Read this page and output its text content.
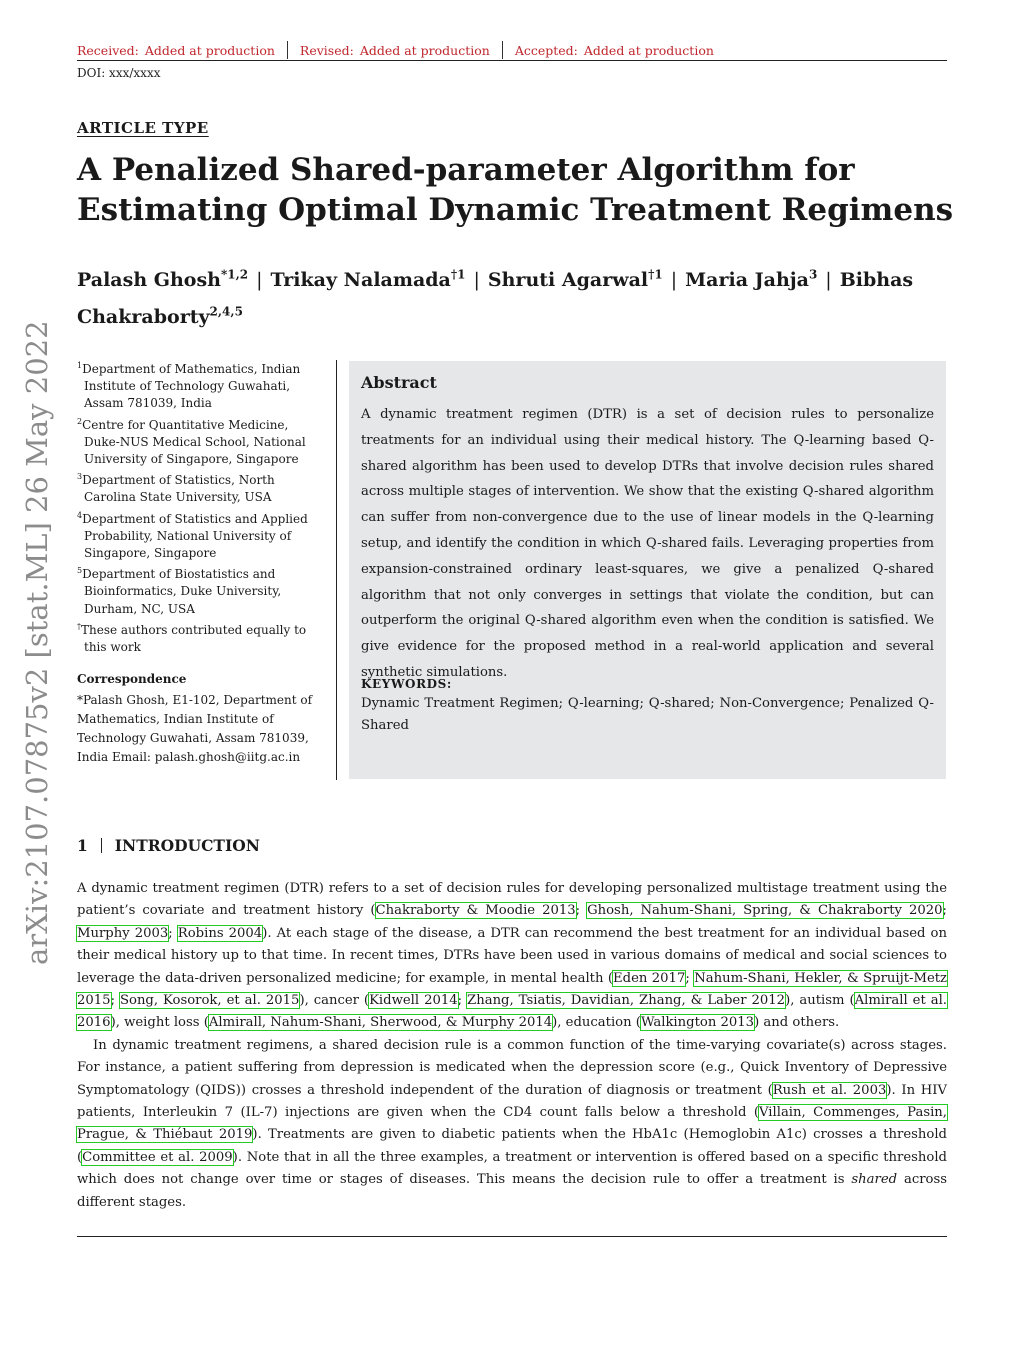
Received: Added at production Revised: Added at production Accepted: Added at production
DOI: xxx/xxxx
ARTICLE TYPE
A Penalized Shared-parameter Algorithm for Estimating Optimal Dynamic Treatment Regimens
Palash Ghosh$^{*1,2}$ | Trikay Nalamada$^{\dagger 1}$ | Shruti Agarwal$^{\dagger 1}$ | Maria Jahja$^3$ | Bibhas Chakraborty$^{2,4,5}$
arXiv:2107.07875v2 [stat.ML] 26 May 2022	$^1$Department of Mathematics, Indian Institute of Technology Guwahati, Assam 781039, India

$^2$Centre for Quantitative Medicine, Duke-NUS Medical School, National University of Singapore, Singapore

$^3$Department of Statistics, North Carolina State University, USA

$^4$Department of Statistics and Applied Probability, National University of Singapore, Singapore

$^5$Department of Biostatistics and Bioinformatics, Duke University, Durham, NC, USA

†These authors contributed equally to this work

Correspondence
*Palash Ghosh, E1-102, Department of Mathematics, Indian Institute of Technology Guwahati, Assam 781039, India Email: palash.ghosh@iitg.ac.in
Abstract
A dynamic treatment regimen (DTR) is a set of decision rules to personalize treatments for an individual using their medical history. The Q-learning based Q-shared algorithm has been used to develop DTRs that involve decision rules shared across multiple stages of intervention. We show that the existing Q-shared algorithm can suffer from non-convergence due to the use of linear models in the Q-learning setup, and identify the condition in which Q-shared fails. Leveraging properties from expansion-constrained ordinary least-squares, we give a penalized Q-shared algorithm that not only converges in settings that violate the condition, but can outperform the original Q-shared algorithm even when the condition is satisfied. We give evidence for the proposed method in a real-world application and several synthetic simulations.
KEYWORDS:
Dynamic Treatment Regimen; Q-learning; Q-shared; Non-Convergence; Penalized Q-Shared
1 INTRODUCTION

A dynamic treatment regimen (DTR) refers to a set of decision rules for developing personalized multistage treatment using the patient’s covariate and treatment history (Chakraborty & Moodie 2013; Ghosh, Nahum-Shani, Spring, & Chakraborty 2020; Murphy 2003; Robins 2004). At each stage of the disease, a DTR can recommend the best treatment for an individual based on their medical history up to that time. In recent times, DTRs have been used in various domains of medical and social sciences to leverage the data-driven personalized medicine; for example, in mental health (Eden 2017; Nahum-Shani, Hekler, & Spruijt-Metz 2015; Song, Kosorok, et al. 2015), cancer (Kidwell 2014; Zhang, Tsiatis, Davidian, Zhang, & Laber 2012), autism (Almirall et al. 2016), weight loss (Almirall, Nahum-Shani, Sherwood, & Murphy 2014), education (Walkington 2013) and others.

In dynamic treatment regimens, a shared decision rule is a common function of the time-varying covariate(s) across stages. For instance, a patient suffering from depression is medicated when the depression score (e.g., Quick Inventory of Depressive Symptomatology (QIDS)) crosses a threshold independent of the duration of diagnosis or treatment (Rush et al. 2003). In HIV patients, Interleukin 7 (IL-7) injections are given when the CD4 count falls below a threshold (Villain, Commenges, Pasin, Prague, & Thiébaut 2019). Treatments are given to diabetic patients when the HbA1c (Hemoglobin A1c) crosses a threshold (Committee et al. 2009). Note that in all the three examples, a treatment or intervention is offered based on a specific threshold which does not change over time or stages of diseases. This means the decision rule to offer a treatment is shared across different stages.
